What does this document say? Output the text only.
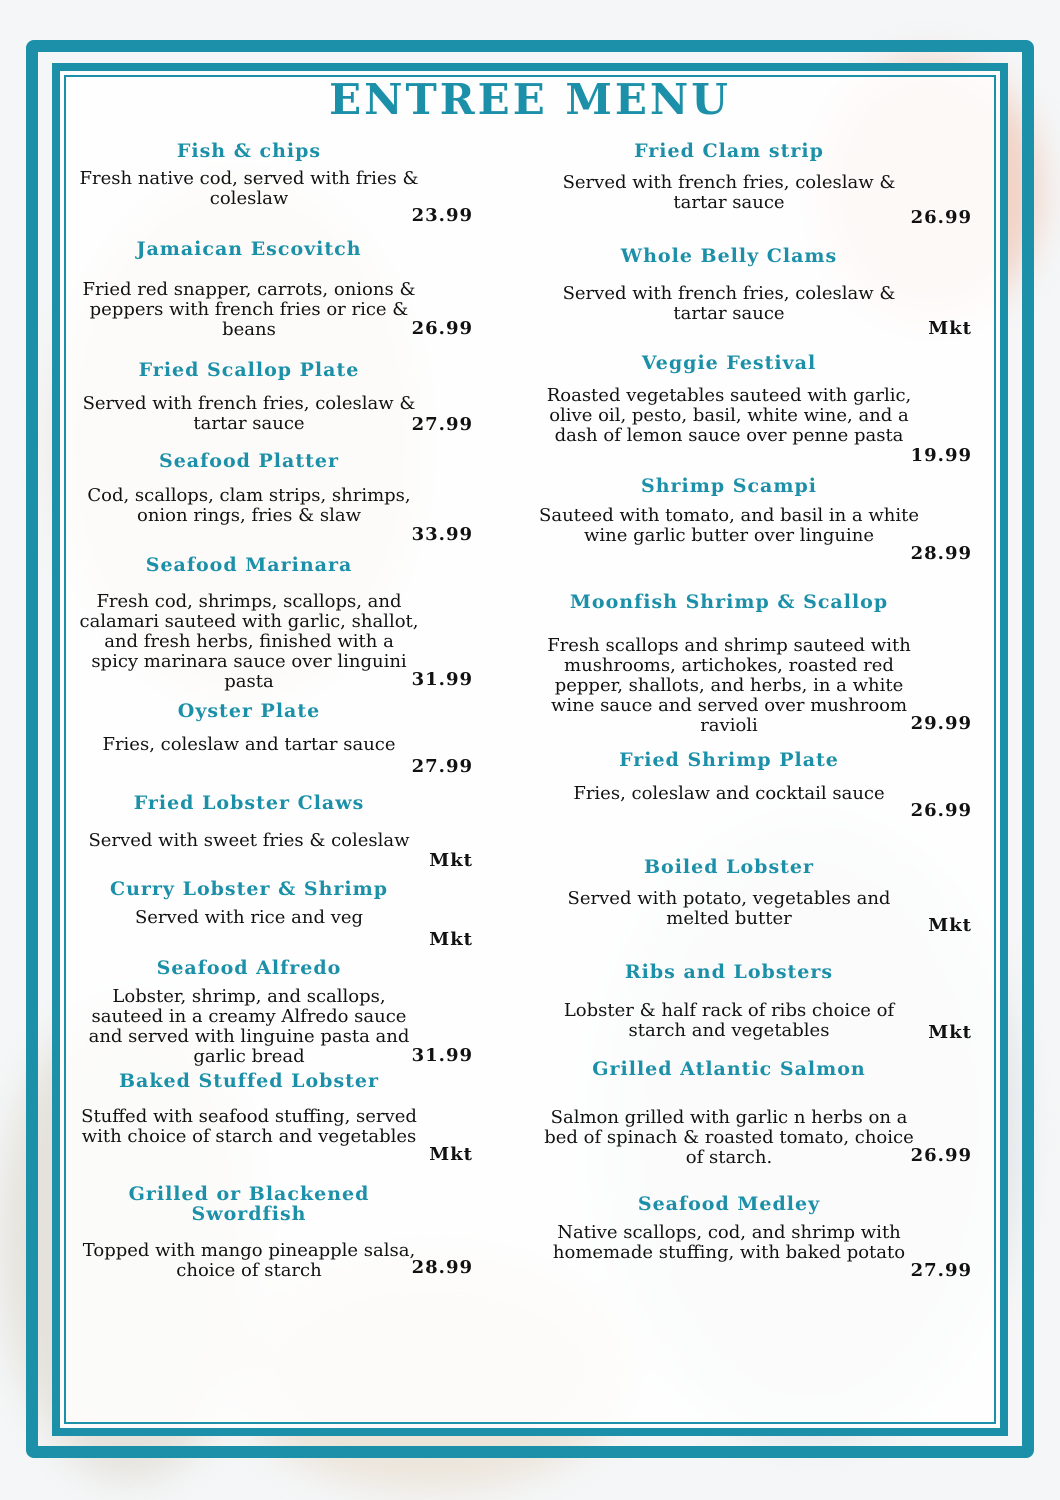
ENTREE MENU
Fish & chips

Fresh native cod, served with fries & coleslaw

23.99
Jamaican Escovitch

Fried red snapper, carrots, onions & peppers with french fries or rice & beans	26.99
Fried Scallop Plate

Served with french fries, coleslaw & tartar sauce	27.99
Seafood Platter

Cod, scallops, clam strips, shrimps, onion rings, fries & slaw

33.99
Seafood Marinara

Fresh cod, shrimps, scallops, and calamari sauteed with garlic, shallot, and fresh herbs, finished with a spicy marinara sauce over linguini pasta	31.99
Oyster Plate

Fries, coleslaw and tartar sauce

27.99
Fried Lobster Claws

Served with sweet fries & coleslaw

Mkt
Curry Lobster & Shrimp

Served with rice and veg

Mkt
Seafood Alfredo

Lobster, shrimp, and scallops, sauteed in a creamy Alfredo sauce and served with linguine pasta and garlic bread	31.99
Baked Stuffed Lobster

Stuffed with seafood stuffing, served with choice of starch and vegetables

Mkt
Grilled or Blackened Swordfish

Topped with mango pineapple salsa, choice of starch	28.99
Fried Clam strip

Served with french fries, coleslaw & tartar sauce

26.99
Whole Belly Clams

Served with french fries, coleslaw & tartar sauce

Mkt
Veggie Festival

Roasted vegetables sauteed with garlic, olive oil, pesto, basil, white wine, and a dash of lemon sauce over penne pasta

19.99
Shrimp Scampi

Sauteed with tomato, and basil in a white wine garlic butter over linguine

28.99
Moonfish Shrimp & Scallop

Fresh scallops and shrimp sauteed with mushrooms, artichokes, roasted red pepper, shallots, and herbs, in a white wine sauce and served over mushroom ravioli	29.99
Fried Shrimp Plate

Fries, coleslaw and cocktail sauce

26.99
Boiled Lobster

Served with potato, vegetables and melted butter	Mkt
Ribs and Lobsters

Lobster & half rack of ribs choice of starch and vegetables	Mkt
Grilled Atlantic Salmon

Salmon grilled with garlic n herbs on a bed of spinach & roasted tomato, choice of starch.	26.99
Seafood Medley

Native scallops, cod, and shrimp with homemade stuffing, with baked potato

27.99
